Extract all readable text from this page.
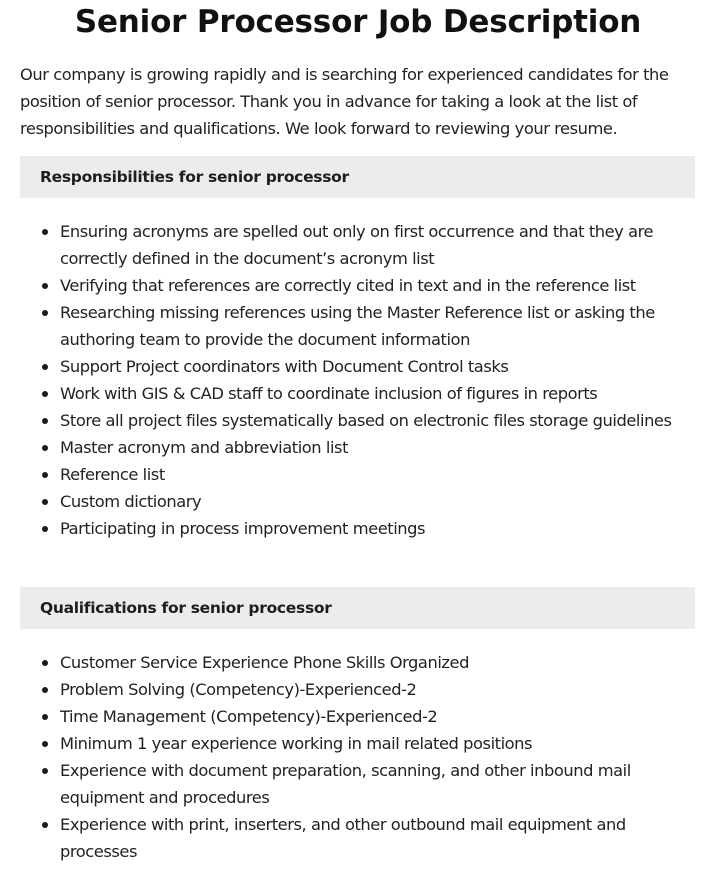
Senior Processor Job Description

Our company is growing rapidly and is searching for experienced candidates for the position of senior processor. Thank you in advance for taking a look at the list of responsibilities and qualifications. We look forward to reviewing your resume.

Responsibilities for senior processor
Ensuring acronyms are spelled out only on first occurrence and that they are correctly defined in the document’s acronym list
Verifying that references are correctly cited in text and in the reference list
Researching missing references using the Master Reference list or asking the authoring team to provide the document information
Support Project coordinators with Document Control tasks
Work with GIS & CAD staff to coordinate inclusion of figures in reports
Store all project files systematically based on electronic files storage guidelines
Master acronym and abbreviation list
Reference list
Custom dictionary
Participating in process improvement meetings
Qualifications for senior processor
Customer Service Experience Phone Skills Organized
Problem Solving (Competency)-Experienced-2
Time Management (Competency)-Experienced-2
Minimum 1 year experience working in mail related positions
Experience with document preparation, scanning, and other inbound mail equipment and procedures
Experience with print, inserters, and other outbound mail equipment and processes
